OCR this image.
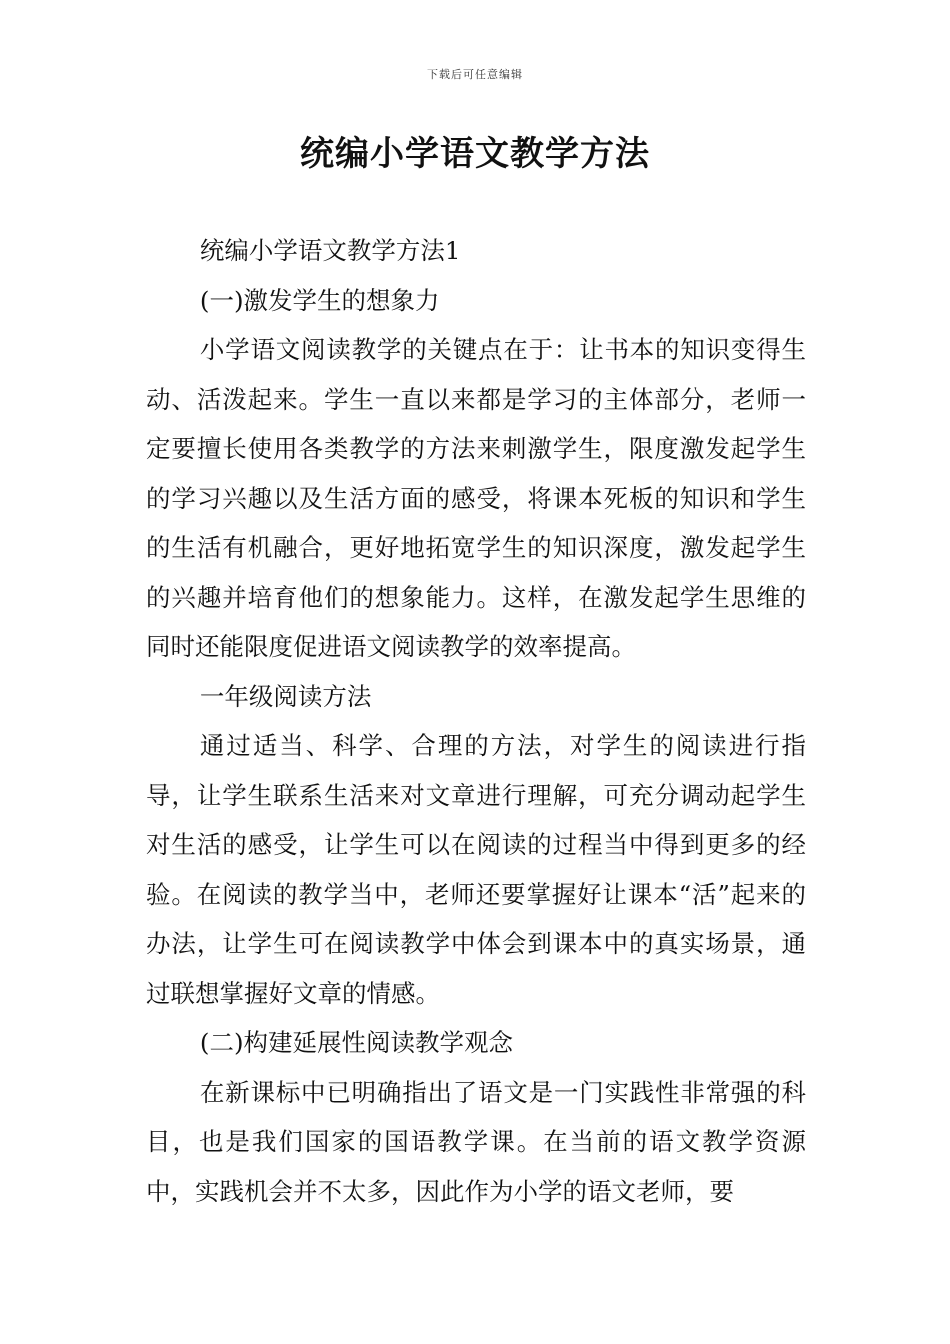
下载后可任意编辑
统编小学语文教学方法

统编小学语文教学方法1

(一)激发学生的想象力

小学语文阅读教学的关键点在于：让书本的知识变得生动、活泼起来。学生一直以来都是学习的主体部分，老师一定要擅长使用各类教学的方法来刺激学生，限度激发起学生的学习兴趣以及生活方面的感受，将课本死板的知识和学生的生活有机融合，更好地拓宽学生的知识深度，激发起学生的兴趣并培育他们的想象能力。这样，在激发起学生思维的同时还能限度促进语文阅读教学的效率提高。

一年级阅读方法

通过适当、科学、合理的方法，对学生的阅读进行指导，让学生联系生活来对文章进行理解，可充分调动起学生对生活的感受，让学生可以在阅读的过程当中得到更多的经验。在阅读的教学当中，老师还要掌握好让课本“活”起来的办法，让学生可在阅读教学中体会到课本中的真实场景，通过联想掌握好文章的情感。

(二)构建延展性阅读教学观念

在新课标中已明确指出了语文是一门实践性非常强的科目，也是我们国家的国语教学课。在当前的语文教学资源中，实践机会并不太多，因此作为小学的语文老师，要
